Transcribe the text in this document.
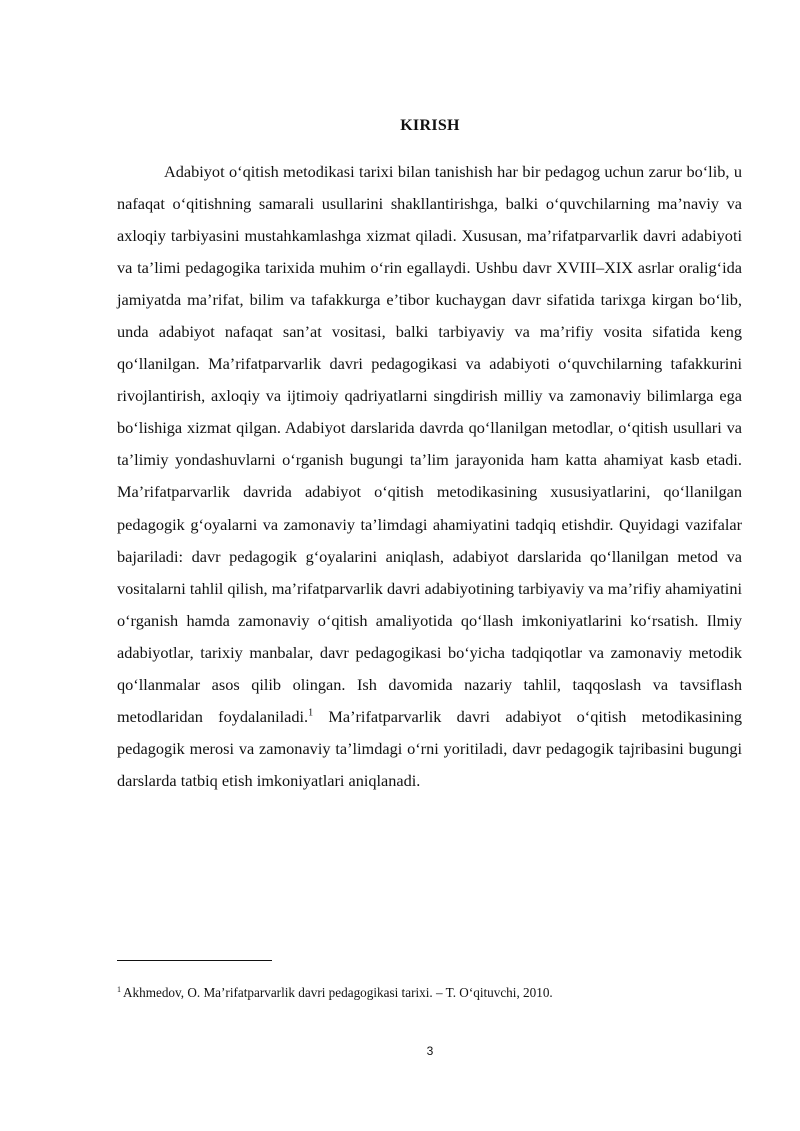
KIRISH

Adabiyot o‘qitish metodikasi tarixi bilan tanishish har bir pedagog uchun zarur bo‘lib, u nafaqat o‘qitishning samarali usullarini shakllantirishga, balki o‘quvchilarning ma’naviy va axloqiy tarbiyasini mustahkamlashga xizmat qiladi. Xususan, ma’rifatparvarlik davri adabiyoti va ta’limi pedagogika tarixida muhim o‘rin egallaydi. Ushbu davr XVIII–XIX asrlar oralig‘ida jamiyatda ma’rifat, bilim va tafakkurga e’tibor kuchaygan davr sifatida tarixga kirgan bo‘lib, unda adabiyot nafaqat san’at vositasi, balki tarbiyaviy va ma’rifiy vosita sifatida keng qo‘llanilgan. Ma’rifatparvarlik davri pedagogikasi va adabiyoti o‘quvchilarning tafakkurini rivojlantirish, axloqiy va ijtimoiy qadriyatlarni singdirish milliy va zamonaviy bilimlarga ega bo‘lishiga xizmat qilgan. Adabiyot darslarida davrda qo‘llanilgan metodlar, o‘qitish usullari va ta’limiy yondashuvlarni o‘rganish bugungi ta’lim jarayonida ham katta ahamiyat kasb etadi. Ma’rifatparvarlik davrida adabiyot o‘qitish metodikasining xususiyatlarini, qo‘llanilgan pedagogik g‘oyalarni va zamonaviy ta’limdagi ahamiyatini tadqiq etishdir. Quyidagi vazifalar bajariladi: davr pedagogik g‘oyalarini aniqlash, adabiyot darslarida qo‘llanilgan metod va vositalarni tahlil qilish, ma’rifatparvarlik davri adabiyotining tarbiyaviy va ma’rifiy ahamiyatini o‘rganish hamda zamonaviy o‘qitish amaliyotida qo‘llash imkoniyatlarini ko‘rsatish. Ilmiy adabiyotlar, tarixiy manbalar, davr pedagogikasi bo‘yicha tadqiqotlar va zamonaviy metodik qo‘llanmalar asos qilib olingan. Ish davomida nazariy tahlil, taqqoslash va tavsiflash metodlaridan foydalaniladi.$^1$ Ma’rifatparvarlik davri adabiyot o‘qitish metodikasining pedagogik merosi va zamonaviy ta’limdagi o‘rni yoritiladi, davr pedagogik tajribasini bugungi darslarda tatbiq etish imkoniyatlari aniqlanadi.

$^1$ Akhmedov, O. Ma’rifatparvarlik davri pedagogikasi tarixi. – T. O‘qituvchi, 2010.

3
